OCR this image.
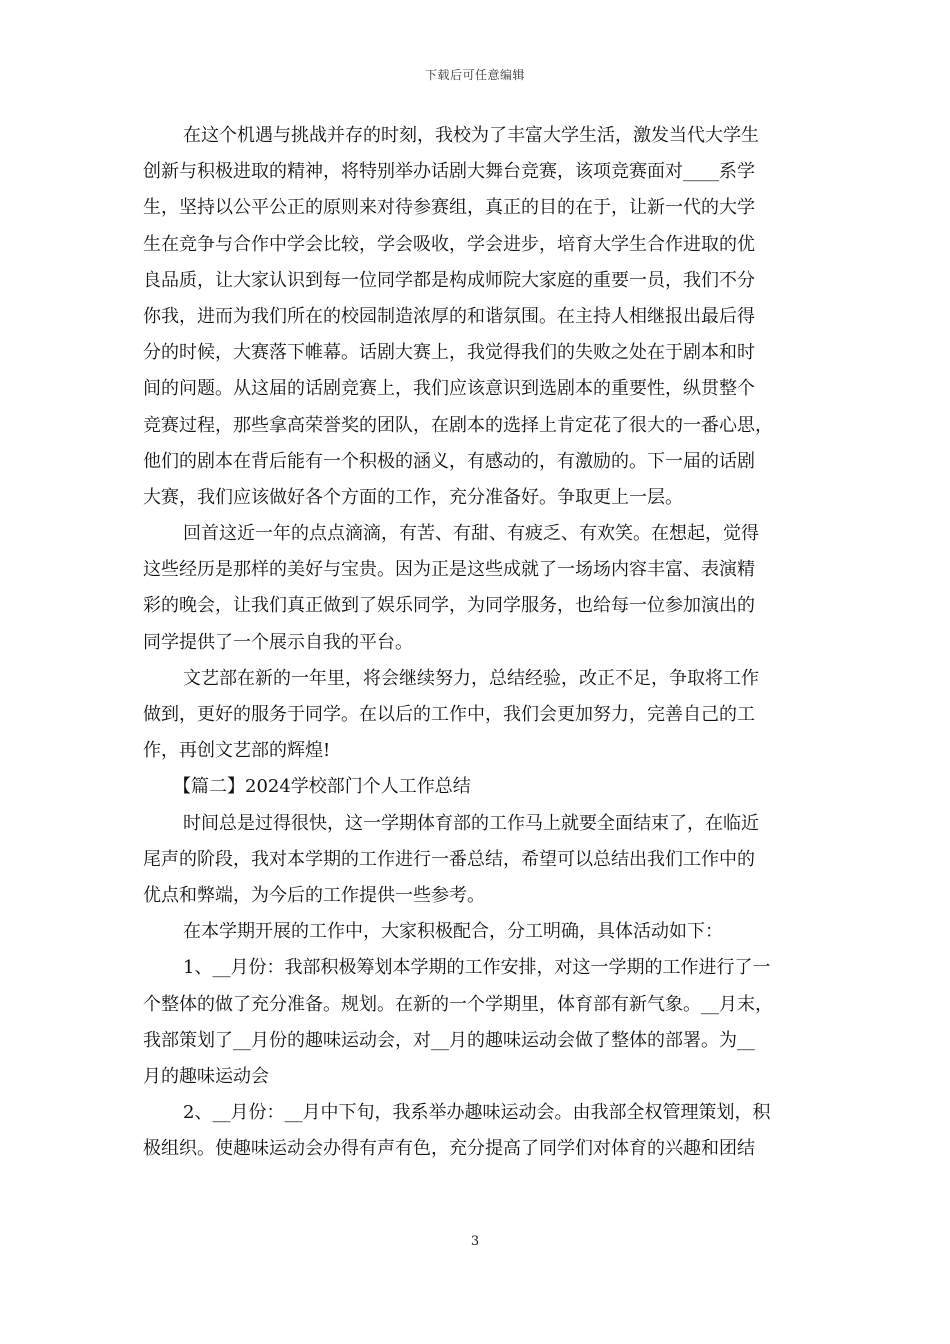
下载后可任意编辑
在这个机遇与挑战并存的时刻，我校为了丰富大学生活，激发当代大学生
创新与积极进取的精神，将特别举办话剧大舞台竞赛，该项竞赛面对____系学
生，坚持以公平公正的原则来对待参赛组，真正的目的在于，让新一代的大学
生在竞争与合作中学会比较，学会吸收，学会进步，培育大学生合作进取的优
良品质，让大家认识到每一位同学都是构成师院大家庭的重要一员，我们不分
你我，进而为我们所在的校园制造浓厚的和谐氛围。在主持人相继报出最后得
分的时候，大赛落下帷幕。话剧大赛上，我觉得我们的失败之处在于剧本和时
间的问题。从这届的话剧竞赛上，我们应该意识到选剧本的重要性，纵贯整个
竞赛过程，那些拿高荣誉奖的团队，在剧本的选择上肯定花了很大的一番心思，
他们的剧本在背后能有一个积极的涵义，有感动的，有激励的。下一届的话剧
大赛，我们应该做好各个方面的工作，充分准备好。争取更上一层。
回首这近一年的点点滴滴，有苦、有甜、有疲乏、有欢笑。在想起，觉得
这些经历是那样的美好与宝贵。因为正是这些成就了一场场内容丰富、表演精
彩的晚会，让我们真正做到了娱乐同学，为同学服务，也给每一位参加演出的
同学提供了一个展示自我的平台。
文艺部在新的一年里，将会继续努力，总结经验，改正不足，争取将工作
做到，更好的服务于同学。在以后的工作中，我们会更加努力，完善自己的工
作，再创文艺部的辉煌!
【篇二】2024学校部门个人工作总结
时间总是过得很快，这一学期体育部的工作马上就要全面结束了，在临近
尾声的阶段，我对本学期的工作进行一番总结，希望可以总结出我们工作中的
优点和弊端，为今后的工作提供一些参考。
在本学期开展的工作中，大家积极配合，分工明确，具体活动如下：
1、__月份：我部积极筹划本学期的工作安排，对这一学期的工作进行了一
个整体的做了充分准备。规划。在新的一个学期里，体育部有新气象。__月末，
我部策划了__月份的趣味运动会，对__月的趣味运动会做了整体的部署。为__
月的趣味运动会
2、__月份：__月中下旬，我系举办趣味运动会。由我部全权管理策划，积
极组织。使趣味运动会办得有声有色，充分提高了同学们对体育的兴趣和团结
3
